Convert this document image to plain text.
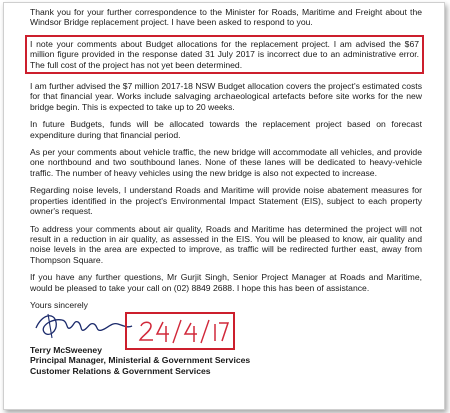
Thank you for your further correspondence to the Minister for Roads, Maritime and Freight about the Windsor Bridge replacement project. I have been asked to respond to you.

I note your comments about Budget allocations for the replacement project. I am advised the $67 million figure provided in the response dated 31 July 2017 is incorrect due to an administrative error. The full cost of the project has not yet been determined.

I am further advised the $7 million 2017-18 NSW Budget allocation covers the project's estimated costs for that financial year. Works include salvaging archaeological artefacts before site works for the new bridge begin. This is expected to take up to 20 weeks.

In future Budgets, funds will be allocated towards the replacement project based on forecast expenditure during that financial period.

As per your comments about vehicle traffic, the new bridge will accommodate all vehicles, and provide one northbound and two southbound lanes. None of these lanes will be dedicated to heavy-vehicle traffic. The number of heavy vehicles using the new bridge is also not expected to increase.

Regarding noise levels, I understand Roads and Maritime will provide noise abatement measures for properties identified in the project's Environmental Impact Statement (EIS), subject to each property owner's request.

To address your comments about air quality, Roads and Maritime has determined the project will not result in a reduction in air quality, as assessed in the EIS. You will be pleased to know, air quality and noise levels in the area are expected to improve, as traffic will be redirected further east, away from Thompson Square.

If you have any further questions, Mr Gurjit Singh, Senior Project Manager at Roads and Maritime, would be pleased to take your call on (02) 8849 2688. I hope this has been of assistance.

Yours sincerely
Terry McSweeney
Principal Manager, Ministerial & Government Services
Customer Relations & Government Services
